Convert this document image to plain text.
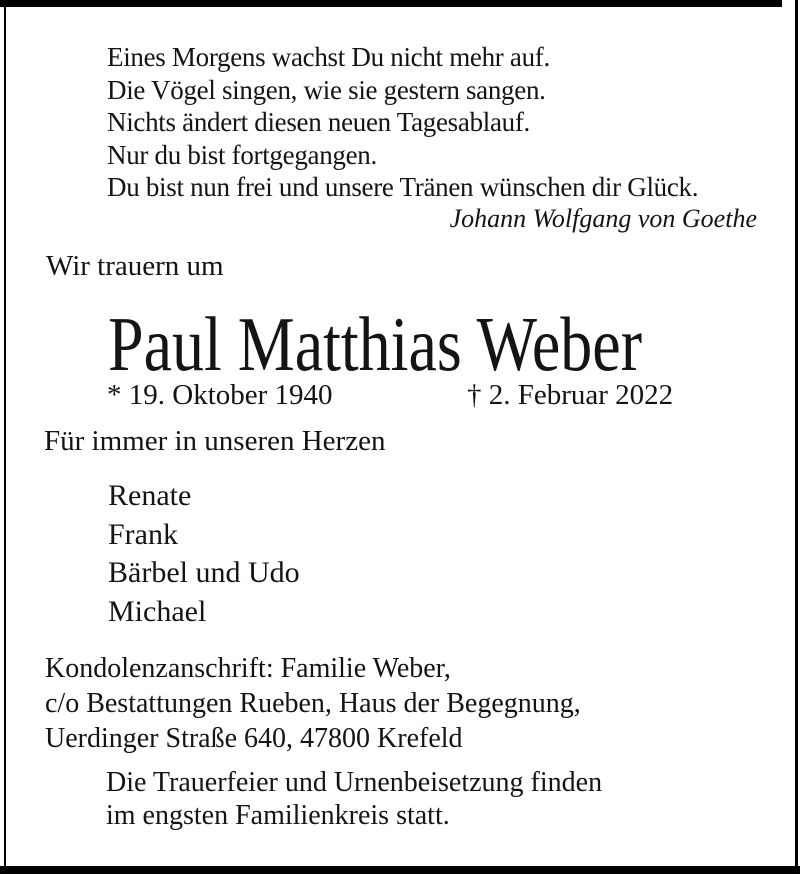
Eines Morgens wachst Du nicht mehr auf.
Die Vögel singen, wie sie gestern sangen.
Nichts ändert diesen neuen Tagesablauf.
Nur du bist fortgegangen.
Du bist nun frei und unsere Tränen wünschen dir Glück.
Johann Wolfgang von Goethe
Wir trauern um
Paul Matthias Weber
* 19. Oktober 1940	† 2. Februar 2022
Für immer in unseren Herzen
Renate
Frank
Bärbel und Udo
Michael
Kondolenzanschrift: Familie Weber,
c/o Bestattungen Rueben, Haus der Begegnung,
Uerdinger Straße 640, 47800 Krefeld
Die Trauerfeier und Urnenbeisetzung finden
im engsten Familienkreis statt.
